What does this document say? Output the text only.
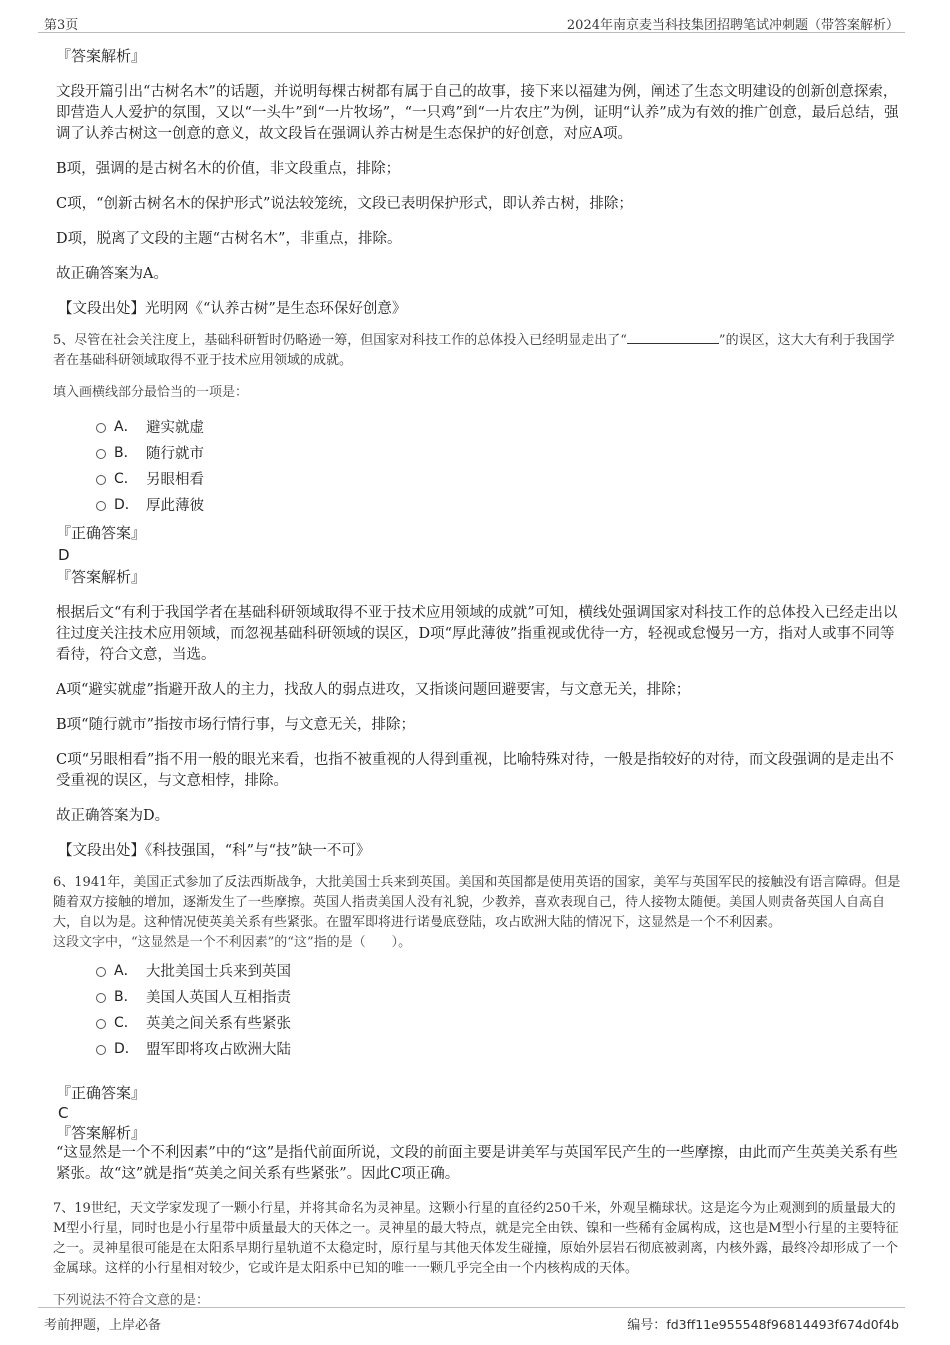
第3页	2024年南京麦当科技集团招聘笔试冲刺题（带答案解析）

『答案解析』

文段开篇引出“古树名木”的话题，并说明每棵古树都有属于自己的故事，接下来以福建为例，阐述了生态文明建设的创新创意探索，即营造人人爱护的氛围，又以“一头牛”到“一片牧场”，“一只鸡”到“一片农庄”为例，证明“认养”成为有效的推广创意，最后总结，强调了认养古树这一创意的意义，故文段旨在强调认养古树是生态保护的好创意，对应A项。

B项，强调的是古树名木的价值，非文段重点，排除；

C项，“创新古树名木的保护形式”说法较笼统，文段已表明保护形式，即认养古树，排除；

D项，脱离了文段的主题“古树名木”，非重点，排除。

故正确答案为A。

【文段出处】光明网《“认养古树”是生态环保好创意》

5、尽管在社会关注度上，基础科研暂时仍略逊一筹，但国家对科技工作的总体投入已经明显走出了“	”的误区，这大大有利于我国学者在基础科研领域取得不亚于技术应用领域的成就。

填入画横线部分最恰当的一项是：

A． 避实就虚
B． 随行就市
C． 另眼相看
D． 厚此薄彼

『正确答案』

D

『答案解析』

根据后文“有利于我国学者在基础科研领域取得不亚于技术应用领域的成就”可知，横线处强调国家对科技工作的总体投入已经走出以往过度关注技术应用领域，而忽视基础科研领域的误区，D项“厚此薄彼”指重视或优待一方，轻视或怠慢另一方，指对人或事不同等看待，符合文意，当选。

A项“避实就虚”指避开敌人的主力，找敌人的弱点进攻，又指谈问题回避要害，与文意无关，排除；

B项“随行就市”指按市场行情行事，与文意无关，排除；

C项“另眼相看”指不用一般的眼光来看，也指不被重视的人得到重视，比喻特殊对待，一般是指较好的对待，而文段强调的是走出不受重视的误区，与文意相悖，排除。

故正确答案为D。

【文段出处】《科技强国，“科”与“技”缺一不可》

6、1941年，美国正式参加了反法西斯战争，大批美国士兵来到英国。美国和英国都是使用英语的国家，美军与英国军民的接触没有语言障碍。但是随着双方接触的增加，逐渐发生了一些摩擦。英国人指责美国人没有礼貌，少教养，喜欢表现自己，待人接物太随便。美国人则责备英国人自高自大，自以为是。这种情况使英美关系有些紧张。在盟军即将进行诺曼底登陆，攻占欧洲大陆的情况下，这显然是一个不利因素。

这段文字中，“这显然是一个不利因素”的“这”指的是（　　）。

A． 大批美国士兵来到英国
B． 美国人英国人互相指责
C． 英美之间关系有些紧张
D． 盟军即将攻占欧洲大陆

『正确答案』

C

『答案解析』

“这显然是一个不利因素”中的“这”是指代前面所说，文段的前面主要是讲美军与英国军民产生的一些摩擦，由此而产生英美关系有些紧张。故“这”就是指“英美之间关系有些紧张”。因此C项正确。

7、19世纪，天文学家发现了一颗小行星，并将其命名为灵神星。这颗小行星的直径约250千米，外观呈椭球状。这是迄今为止观测到的质量最大的M型小行星，同时也是小行星带中质量最大的天体之一。灵神星的最大特点，就是完全由铁、镍和一些稀有金属构成，这也是M型小行星的主要特征之一。灵神星很可能是在太阳系早期行星轨道不太稳定时，原行星与其他天体发生碰撞，原始外层岩石彻底被剥离，内核外露，最终冷却形成了一个金属球。这样的小行星相对较少，它或许是太阳系中已知的唯一一颗几乎完全由一个内核构成的天体。

下列说法不符合文意的是：

考前押题，上岸必备	编号：fd3ff11e955548f96814493f674d0f4b
